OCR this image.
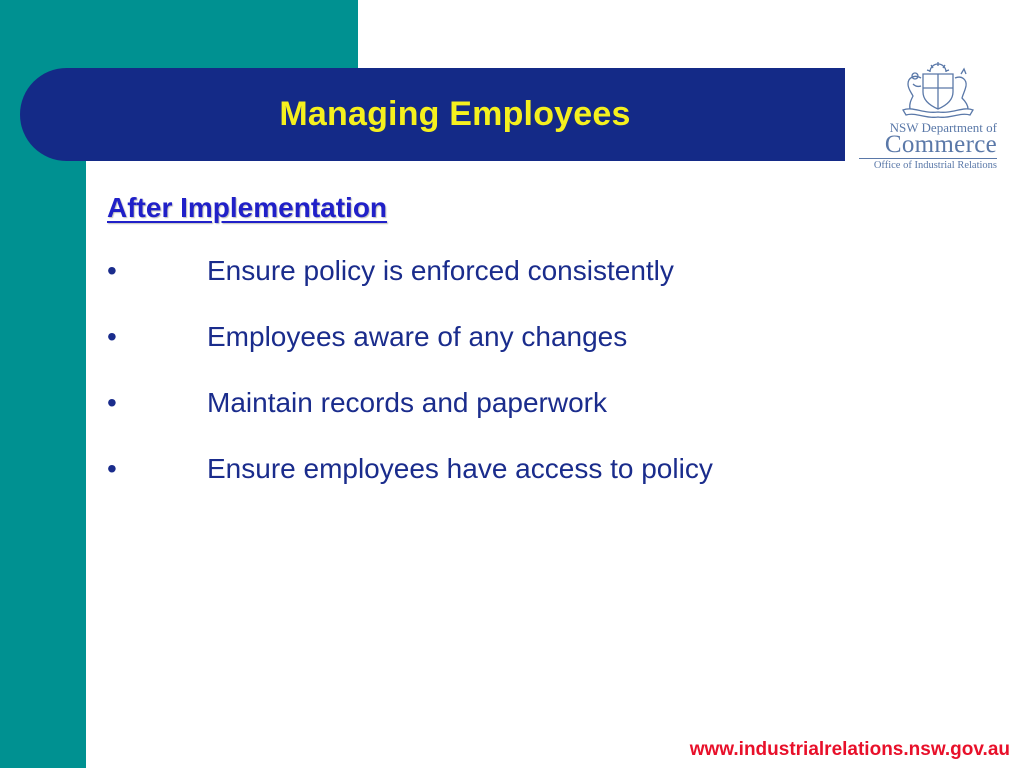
Managing Employees	NSW Department of
Commerce
Office of Industrial Relations
After Implementation
•	Ensure policy is enforced consistently
•	Employees aware of any changes
•	Maintain records and paperwork
•	Ensure employees have access to policy
www.industrialrelations.nsw.gov.au
